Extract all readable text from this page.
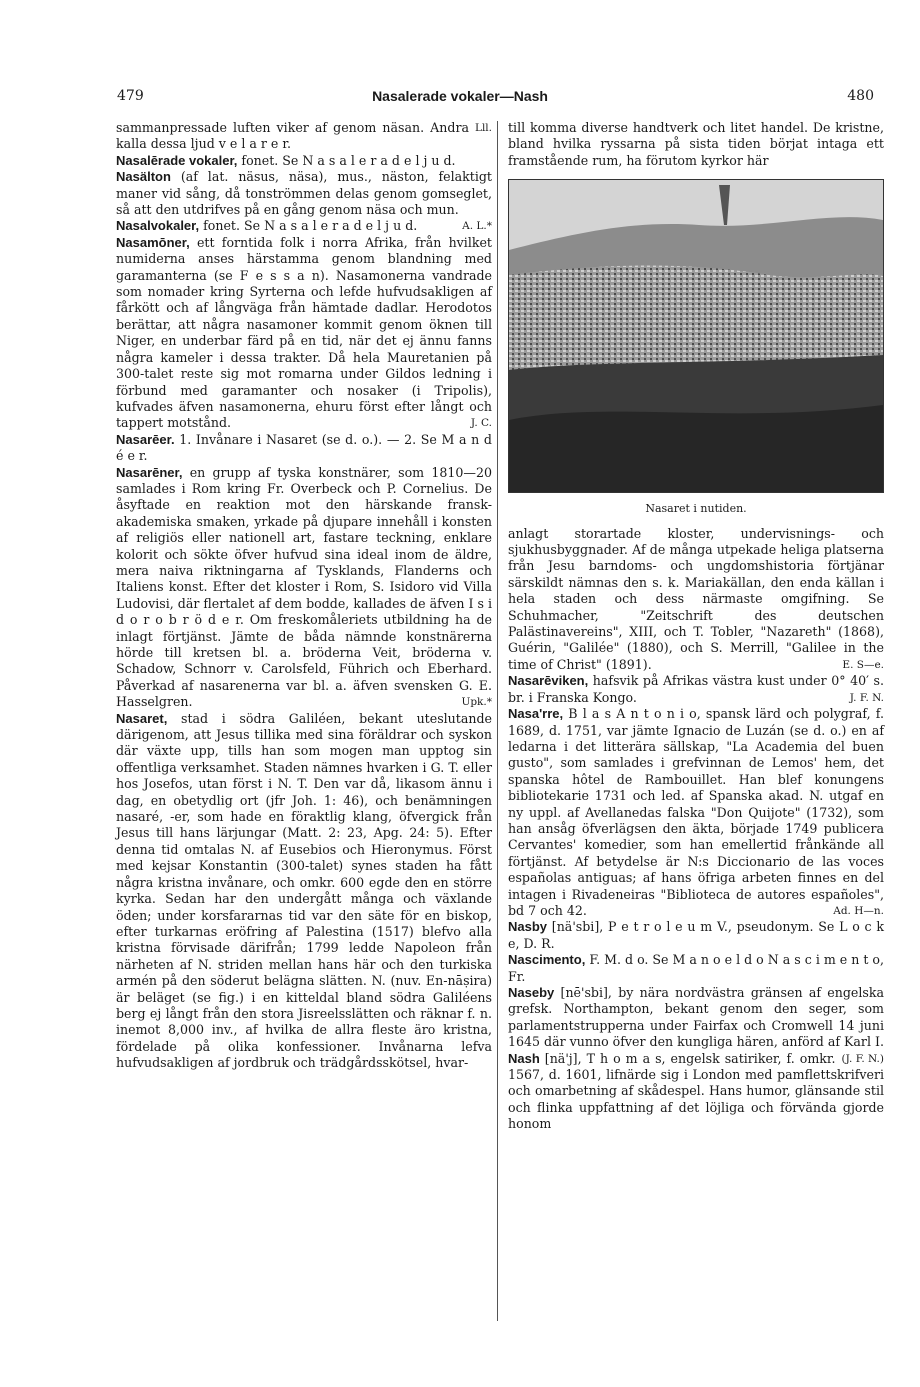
479	Nasalerade vokaler—Nash	480

Lll.
sammanpressade luften viker af genom näsan. Andra kalla dessa ljud v e l a r e r.

Nasalērade vokaler, fonet. Se N a s a l e r a d e l j u d.

Nasälton (af lat. näsus, näsa), mus., näston, felaktigt maner vid sång, då tonströmmen delas genom gomseglet, så att den utdrifves på en gång genom näsa och mun.
A. L.*

Nasalvokaler, fonet. Se N a s a l e r a d e l j u d.

Nasamōner, ett forntida folk i norra Afrika, från hvilket numiderna anses härstamma genom blandning med garamanterna (se F e s s a n). Nasamonerna vandrade som nomader kring Syrterna och lefde hufvudsakligen af fårkött och af långväga från hämtade dadlar. Herodotos berättar, att några nasamoner kommit genom öknen till Niger, en underbar färd på en tid, när det ej ännu fanns några kameler i dessa trakter. Då hela Mauretanien på 300-talet reste sig mot romarna under Gildos ledning i förbund med garamanter och nosaker (i Tripolis), kufvades äfven nasamonerna, ehuru först efter långt och tappert motstånd.	J. C.

Nasarēer. 1. Invånare i Nasaret (se d. o.). — 2. Se M a n d é e r.

Nasarēner, en grupp af tyska konstnärer, som 1810—20 samlades i Rom kring Fr. Overbeck och P. Cornelius. De åsyftade en reaktion mot den härskande fransk-akademiska smaken, yrkade på djupare innehåll i konsten af religiös eller nationell art, fastare teckning, enklare kolorit och sökte öfver hufvud sina ideal inom de äldre, mera naiva riktningarna af Tysklands, Flanderns och Italiens konst. Efter det kloster i Rom, S. Isidoro vid Villa Ludovisi, där flertalet af dem bodde, kallades de äfven I s i d o r o b r ö d e r. Om freskomåleriets utbildning ha de inlagt förtjänst. Jämte de båda nämnde konstnärerna hörde till kretsen bl. a. bröderna Veit, bröderna v. Schadow, Schnorr v. Carolsfeld, Führich och Eberhard. Påverkad af nasarenerna var bl. a. äfven svensken G. E. Hasselgren.	Upk.*

Nasaret, stad i södra Galiléen, bekant uteslutande därigenom, att Jesus tillika med sina föräldrar och syskon där växte upp, tills han som mogen man upptog sin offentliga verksamhet. Staden nämnes hvarken i G. T. eller hos Josefos, utan först i N. T. Den var då, likasom ännu i dag, en obetydlig ort (jfr Joh. 1: 46), och benämningen nasaré, -er, som hade en föraktlig klang, öfvergick från Jesus till hans lärjungar (Matt. 2: 23, Apg. 24: 5). Efter denna tid omtalas N. af Eusebios och Hieronymus. Först med kejsar Konstantin (300-talet) synes staden ha fått några kristna invånare, och omkr. 600 egde den en större kyrka. Sedan har den undergått många och växlande öden; under korsfararnas tid var den säte för en biskop, efter turkarnas eröfring af Palestina (1517) blefvo alla kristna förvisade därifrån; 1799 ledde Napoleon från närheten af N. striden mellan hans här och den turkiska armén på den söderut belägna slätten. N. (nuv. En-nāṣira) är beläget (se fig.) i en kitteldal bland södra Galiléens berg ej långt från den stora Jisreelsslätten och räknar f. n. inemot 8,000 inv., af hvilka de allra fleste äro kristna, fördelade på olika konfessioner. Invånarna lefva hufvudsakligen af jordbruk och trädgårdsskötsel, hvar-

till komma diverse handtverk och litet handel. De kristne, bland hvilka ryssarna på sista tiden börjat intaga ett framstående rum, ha förutom kyrkor här

Nasaret i nutiden.

anlagt storartade kloster, undervisnings- och sjukhusbyggnader. Af de många utpekade heliga platserna från Jesu barndoms- och ungdomshistoria förtjänar särskildt nämnas den s. k. Mariakällan, den enda källan i hela staden och dess närmaste omgifning. Se Schuhmacher, "Zeitschrift des deutschen Palästinavereins", XIII, och T. Tobler, "Nazareth" (1868), Guérin, "Galilée" (1880), och S. Merrill, "Galilee in the time of Christ" (1891).	E. S—e.

Nasarēviken, hafsvik på Afrikas västra kust under 0° 40′ s. br. i Franska Kongo.	J. F. N.

Nasa'rre, B l a s A n t o n i o, spansk lärd och polygraf, f. 1689, d. 1751, var jämte Ignacio de Luzán (se d. o.) en af ledarna i det litterära sällskap, "La Academia del buen gusto", som samlades i grefvinnan de Lemos' hem, det spanska hôtel de Rambouillet. Han blef konungens bibliotekarie 1731 och led. af Spanska akad. N. utgaf en ny uppl. af Avellanedas falska "Don Quijote" (1732), som han ansåg öfverlägsen den äkta, började 1749 publicera Cervantes' komedier, som han emellertid frånkände all förtjänst. Af betydelse är N:s Diccionario de las voces españolas antiguas; af hans öfriga arbeten finnes en del intagen i Rivadeneiras "Biblioteca de autores españoles", bd 7 och 42.	Ad. H—n.

Nasby [nä'sbi], P e t r o l e u m V., pseudonym. Se L o c k e, D. R.

Nascimento, F. M. d o. Se M a n o e l d o N a s c i m e n t o, Fr.

Naseby [nē'sbi], by nära nordvästra gränsen af engelska grefsk. Northampton, bekant genom den seger, som parlamentstrupperna under Fairfax och Cromwell 14 juni 1645 där vunno öfver den kungliga hären, anförd af Karl I.
(J. F. N.)

Nash [nä'j], T h o m a s, engelsk satiriker, f. omkr. 1567, d. 1601, lifnärde sig i London med pamflettskrifveri och omarbetning af skådespel. Hans humor, glänsande stil och flinka uppfattning af det löjliga och förvända gjorde honom
